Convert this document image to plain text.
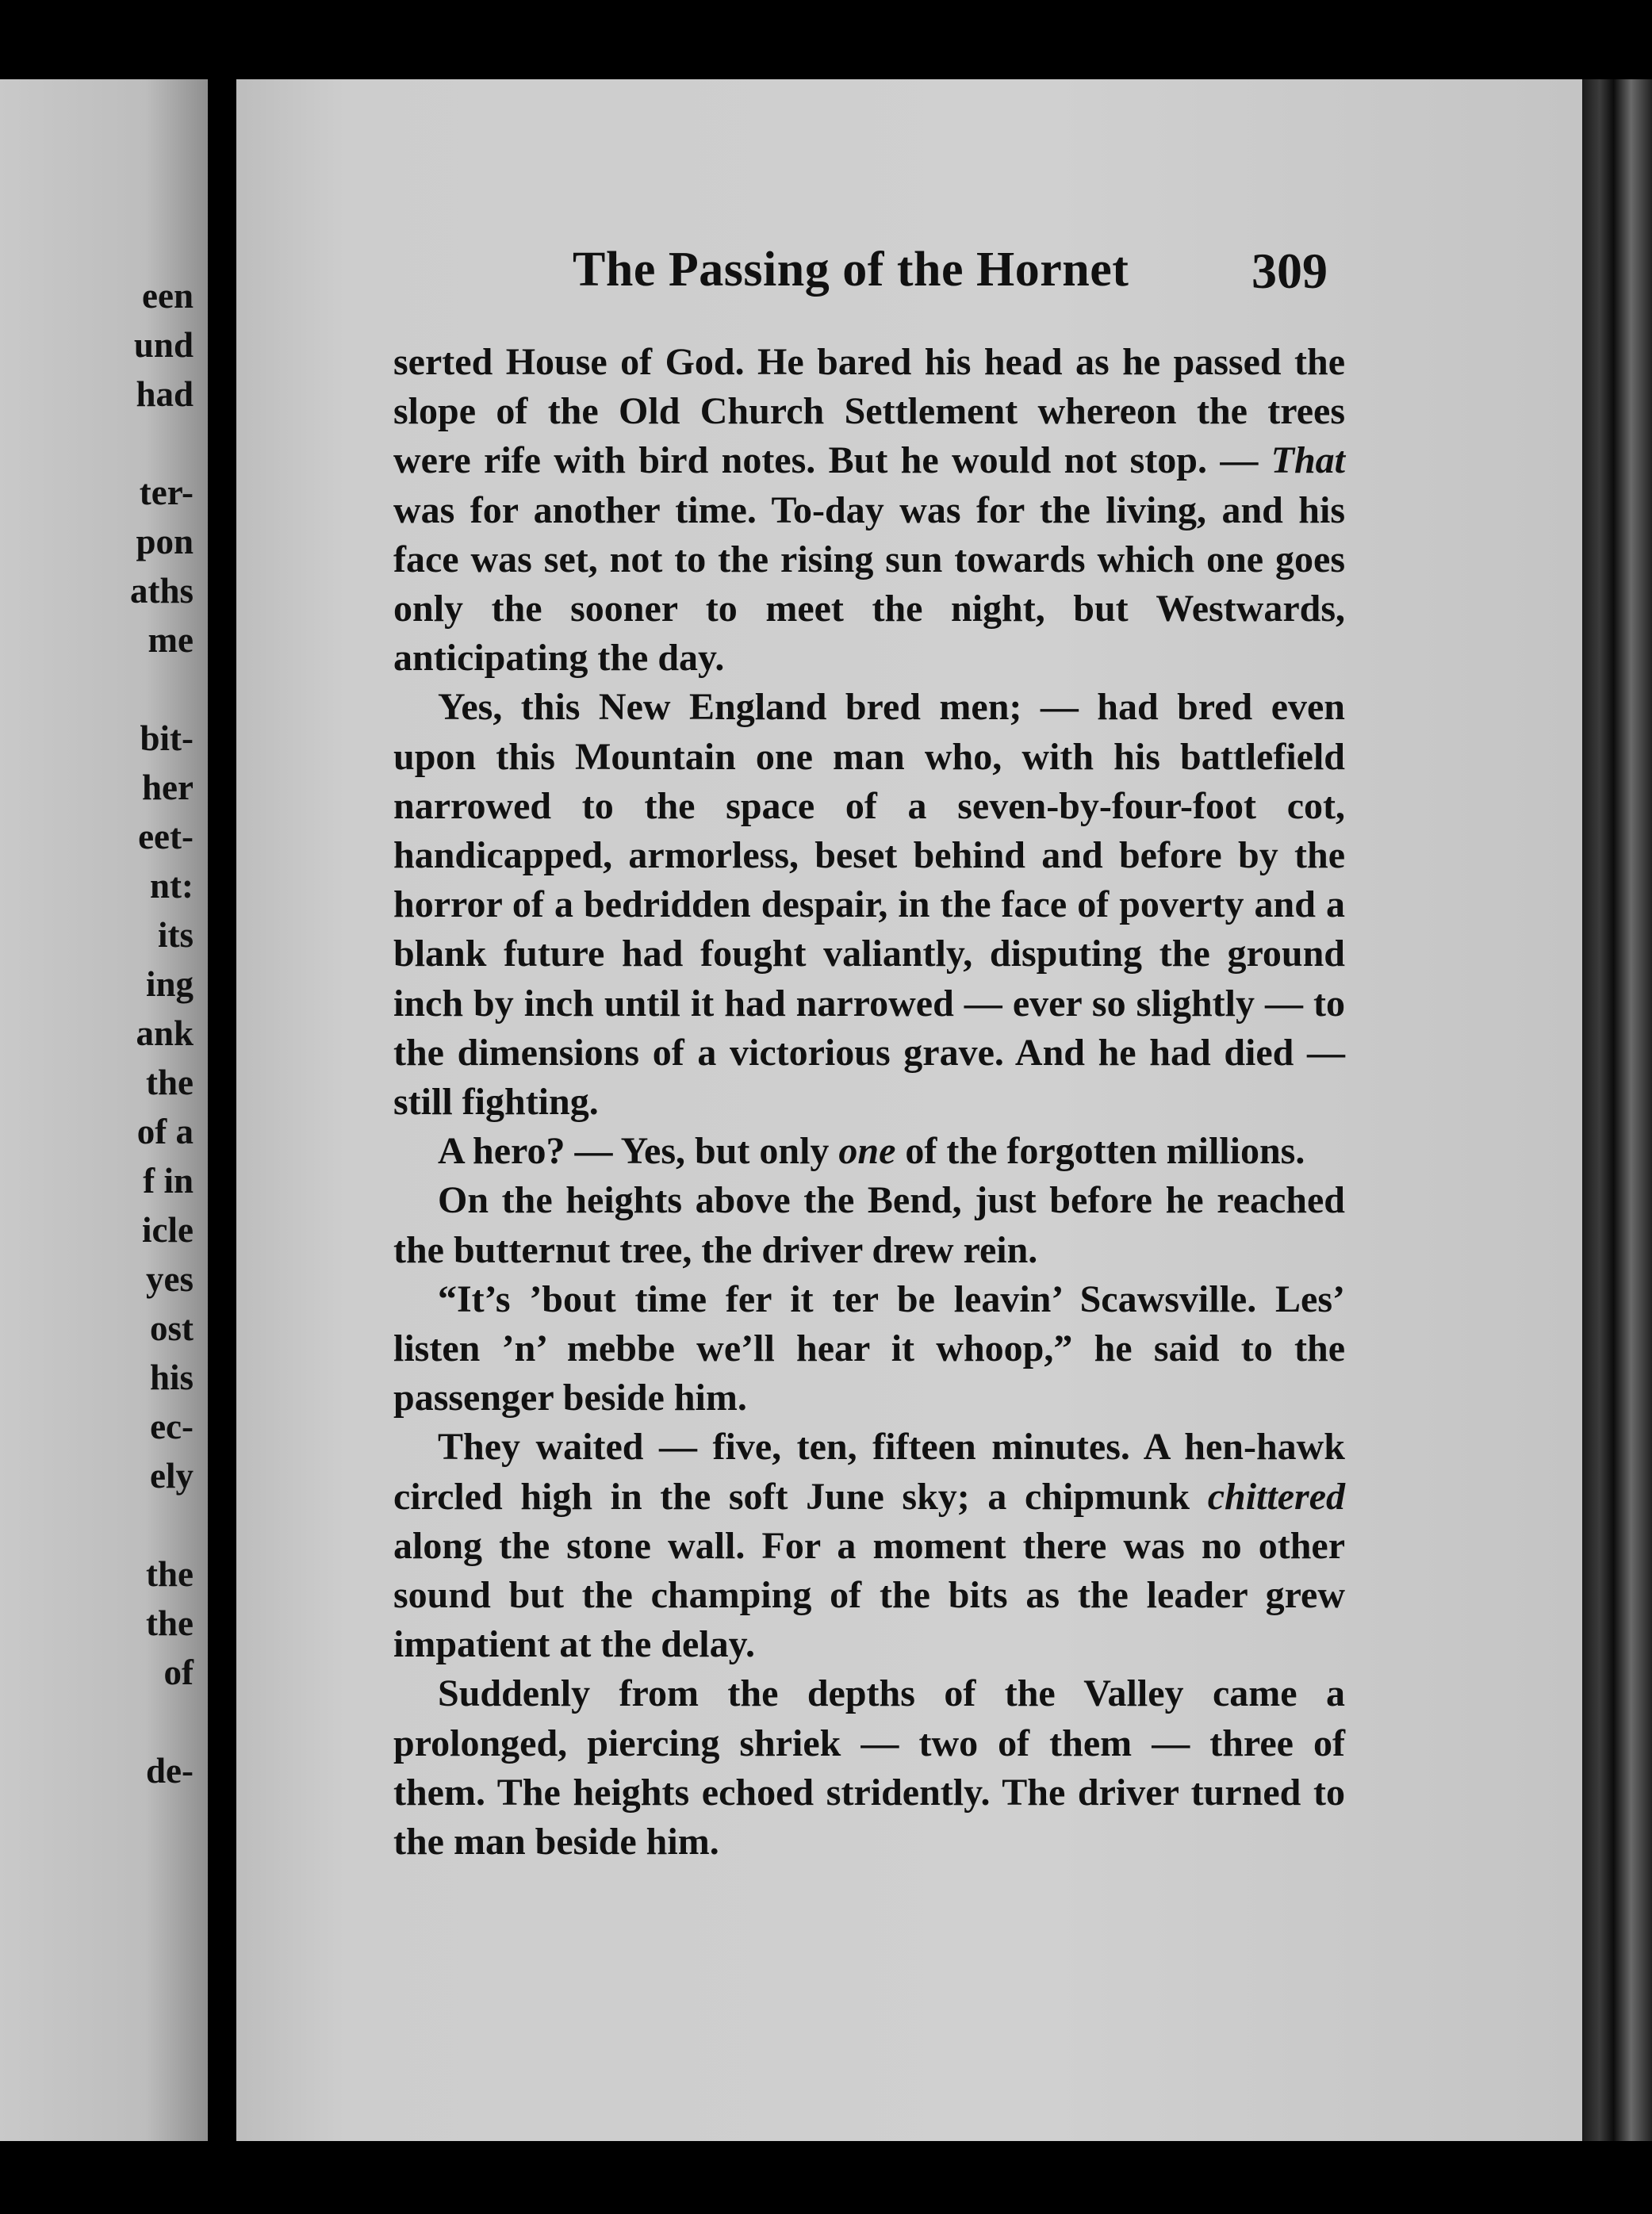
een
und
had
ter-
pon
aths
me
bit-
her
eet-
nt:
its
ing
ank
the
of a
f in
icle
yes
ost
his
ec-
ely
the
the
of
de-
The Passing of the Hornet 309

serted House of God. He bared his head as he passed the slope of the Old Church Settlement whereon the trees were rife with bird notes. But he would not stop. — That was for another time. To-day was for the living, and his face was set, not to the rising sun towards which one goes only the sooner to meet the night, but Westwards, anticipating the day.

Yes, this New England bred men; — had bred even upon this Mountain one man who, with his battlefield narrowed to the space of a seven-by-four-foot cot, handicapped, armorless, beset behind and before by the horror of a bedridden despair, in the face of poverty and a blank future had fought valiantly, disputing the ground inch by inch until it had narrowed — ever so slightly — to the dimensions of a victorious grave. And he had died — still fighting.

A hero? — Yes, but only one of the forgotten millions.

On the heights above the Bend, just before he reached the butternut tree, the driver drew rein.

“It’s ’bout time fer it ter be leavin’ Scawsville. Les’ listen ’n’ mebbe we’ll hear it whoop,” he said to the passenger beside him.

They waited — five, ten, fifteen minutes. A hen-hawk circled high in the soft June sky; a chipmunk chittered along the stone wall. For a moment there was no other sound but the champing of the bits as the leader grew impatient at the delay.

Suddenly from the depths of the Valley came a prolonged, piercing shriek — two of them — three of them. The heights echoed stridently. The driver turned to the man beside him.
